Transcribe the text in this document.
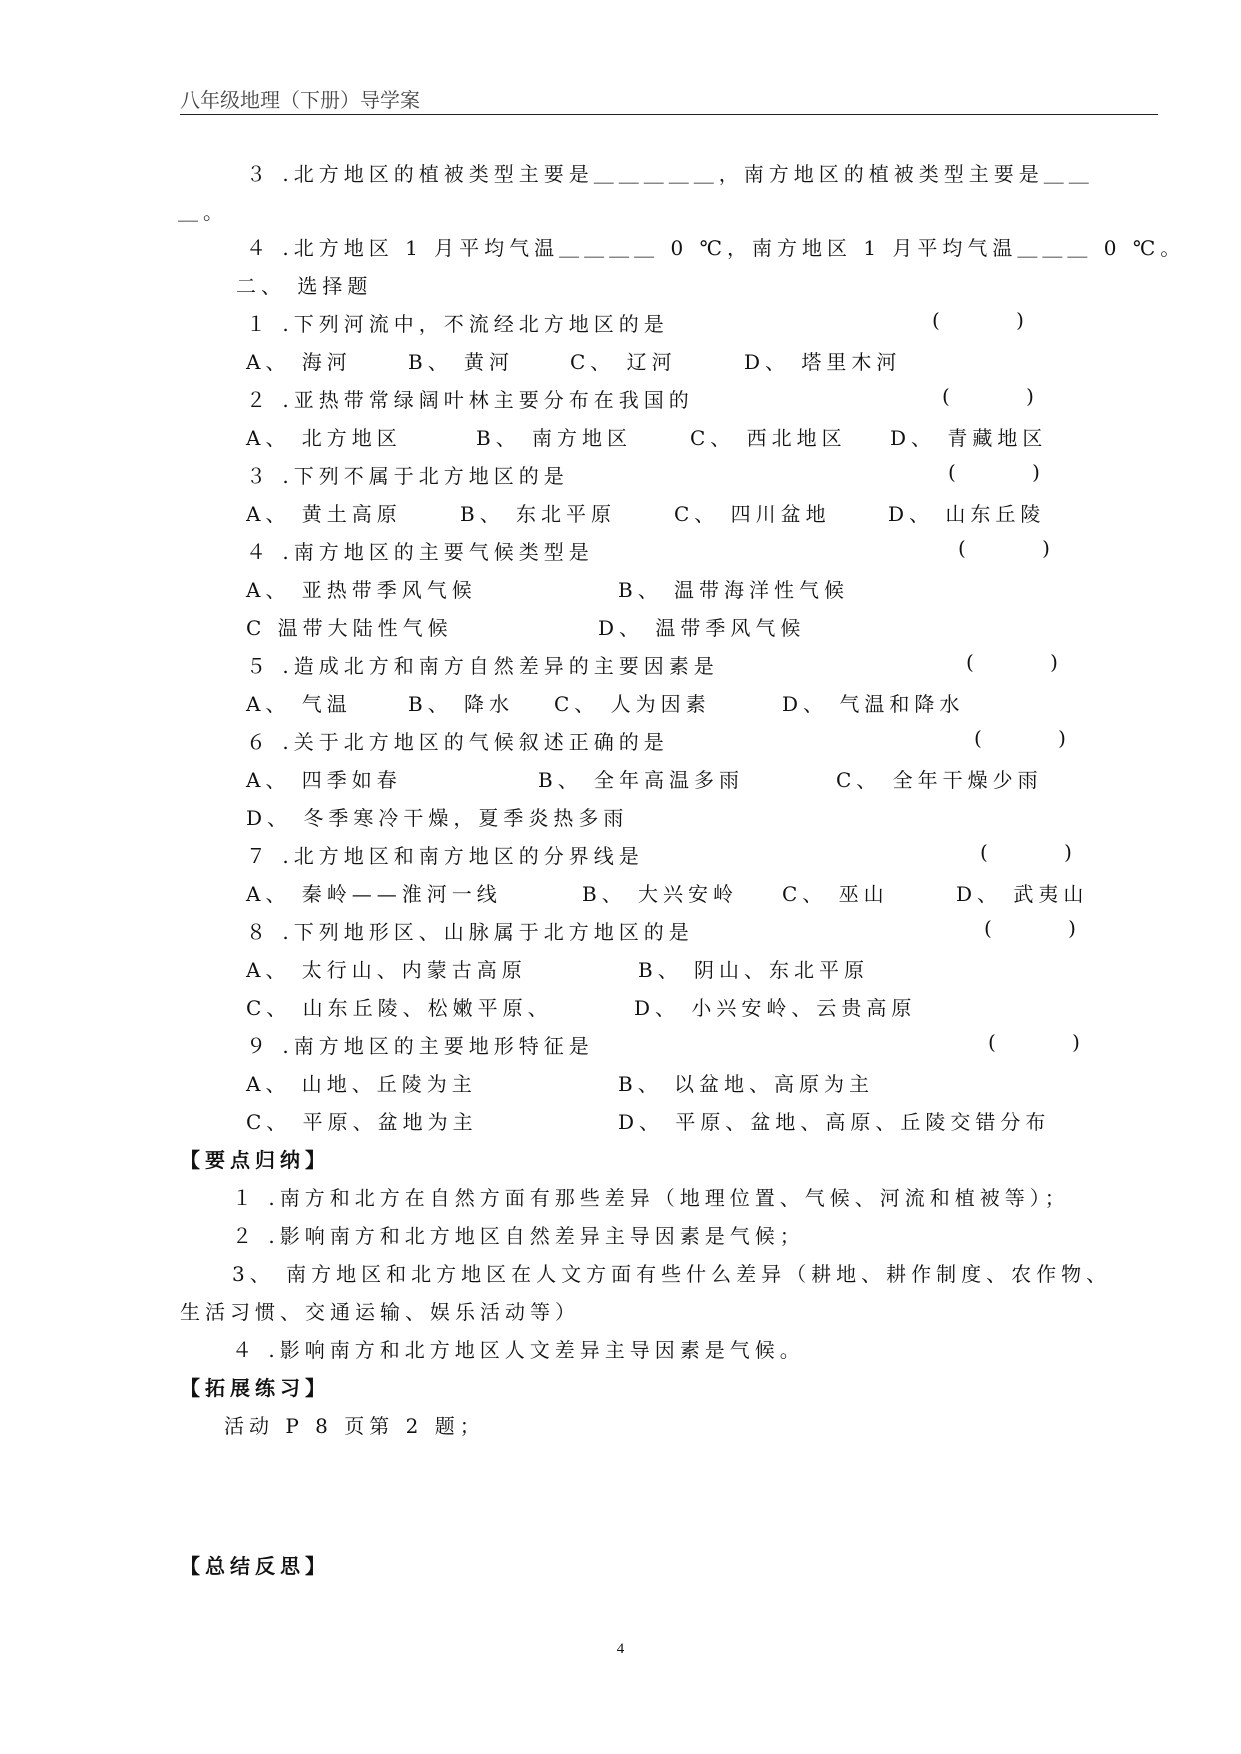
八年级地理（下册）导学案
３ .北方地区的植被类型主要是＿＿＿＿＿，南方地区的植被类型主要是＿＿
＿。
４ .北方地区 1 月平均气温＿＿＿＿ 0 ℃，南方地区 1 月平均气温＿＿＿ 0 ℃。
二、 选择题
１ .下列河流中，不流经北方地区的是	(            )
A、 海河	B、 黄河	C、 辽河	D、 塔里木河
２ .亚热带常绿阔叶林主要分布在我国的	(            )
A、 北方地区	B、 南方地区	C、 西北地区 D、 青藏地区
３ .下列不属于北方地区的是	(            )
A、 黄土高原	B、 东北平原	C、 四川盆地	D、 山东丘陵
４ .南方地区的主要气候类型是	(            )
A、 亚热带季风气候	B、 温带海洋性气候
C 温带大陆性气候	D、 温带季风气候
５ .造成北方和南方自然差异的主要因素是	(            )
A、 气温	B、 降水 C、 人为因素	D、 气温和降水
６ .关于北方地区的气候叙述正确的是	(            )
A、 四季如春	B、 全年高温多雨	C、 全年干燥少雨
D、 冬季寒冷干燥，夏季炎热多雨
７ .北方地区和南方地区的分界线是	(            )
A、 秦岭——淮河一线	B、 大兴安岭 C、 巫山	D、 武夷山
８ .下列地形区、山脉属于北方地区的是	(            )
A、 太行山、内蒙古高原	B、 阴山、东北平原
C、 山东丘陵、松嫩平原、	D、 小兴安岭、云贵高原
９ .南方地区的主要地形特征是	(            )
A、 山地、丘陵为主	B、 以盆地、高原为主
C、 平原、盆地为主	D、 平原、盆地、高原、丘陵交错分布
【要点归纳】
１ .南方和北方在自然方面有那些差异（地理位置、气候、河流和植被等）；
２ .影响南方和北方地区自然差异主导因素是气候；
3、 南方地区和北方地区在人文方面有些什么差异（耕地、耕作制度、农作物、
生活习惯、交通运输、娱乐活动等）
４ .影响南方和北方地区人文差异主导因素是气候。
【拓展练习】
活动 P 8 页第 2 题；
【总结反思】
4
